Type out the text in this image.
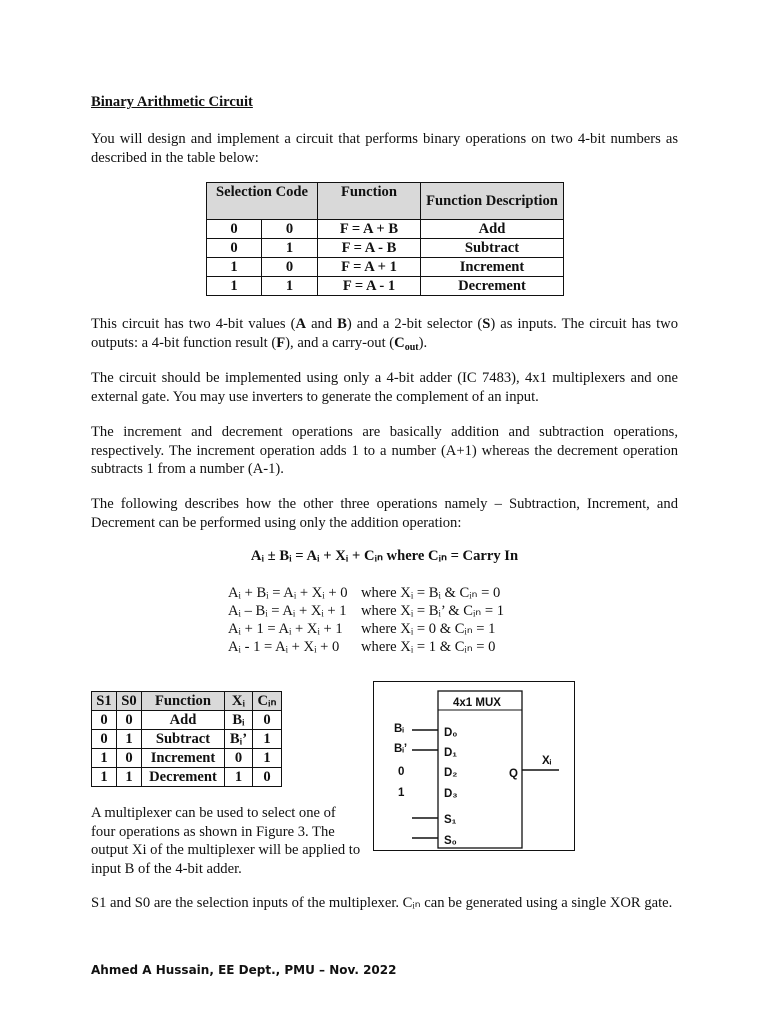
Binary Arithmetic Circuit
You will design and implement a circuit that performs binary operations on two 4-bit numbers as described in the table below:
Selection Code		Function	Function Description
0	0	F = A + B	Add
0	1	F = A - B	Subtract
1	0	F = A + 1	Increment
1	1	F = A - 1	Decrement
This circuit has two 4-bit values (A and B) and a 2-bit selector (S) as inputs. The circuit has two outputs: a 4-bit function result (F), and a carry-out $(C_{out})$.
The circuit should be implemented using only a 4-bit adder (IC 7483), 4x1 multiplexers and one external gate. You may use inverters to generate the complement of an input.
The increment and decrement operations are basically addition and subtraction operations, respectively. The increment operation adds 1 to a number (A+1) whereas the decrement operation subtracts 1 from a number (A-1).
The following describes how the other three operations namely – Subtraction, Increment, and Decrement can be performed using only the addition operation:
Aᵢ ± Bᵢ = Aᵢ + Xᵢ + Cᵢₙ where Cᵢₙ = Carry In
Aᵢ + Bᵢ = Aᵢ + Xᵢ + 0 where Xᵢ = Bᵢ & Cᵢₙ = 0
Aᵢ – Bᵢ = Aᵢ + Xᵢ + 1 where Xᵢ = Bᵢ’ & Cᵢₙ = 1
Aᵢ + 1 = Aᵢ + Xᵢ + 1 where Xᵢ = 0 & Cᵢₙ = 1
Aᵢ - 1 = Aᵢ + Xᵢ + 0 where Xᵢ = 1 & Cᵢₙ = 0
S1	S0	Function	Xᵢ	Cᵢₙ
0	0	Add	Bᵢ	0
0	1	Subtract	Bᵢ’	1
1	0	Increment	0	1
1	1	Decrement	1	0
A multiplexer can be used to select one of four operations as shown in Figure 3. The output Xi of the multiplexer will be applied to input B of the 4-bit adder.
4x1 MUX
Bᵢ
Bᵢ’
0
1
D₀
D₁
D₂
D₃
S₁
S₀
Q
Xᵢ
S1 and S0 are the selection inputs of the multiplexer. Cᵢₙ can be generated using a single XOR gate.
Ahmed A Hussain, EE Dept., PMU – Nov. 2022
